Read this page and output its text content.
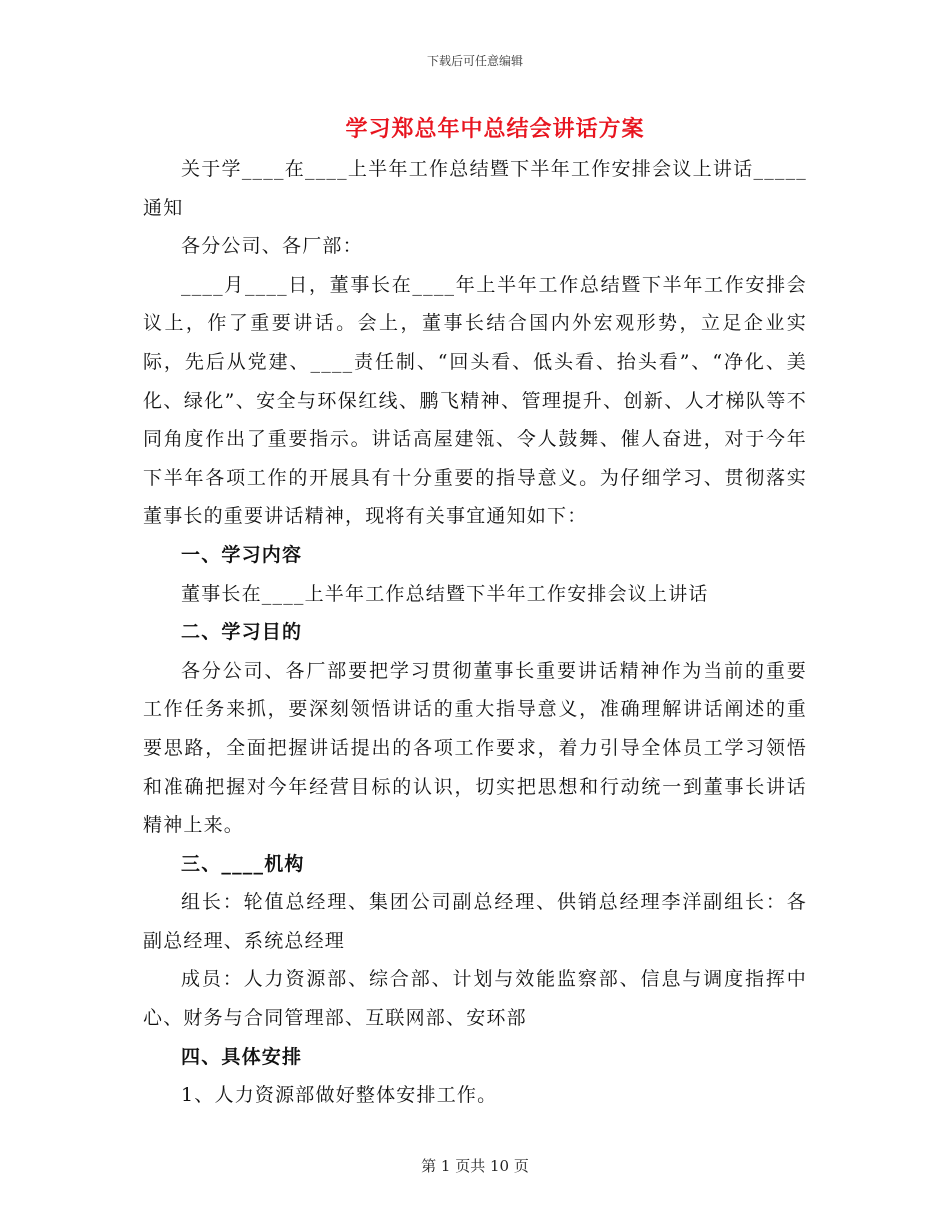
下载后可任意编辑
学习郑总年中总结会讲话方案

关于学____在____上半年工作总结暨下半年工作安排会议上讲话_____通知

各分公司、各厂部：

____月____日，董事长在____年上半年工作总结暨下半年工作安排会议上，作了重要讲话。会上，董事长结合国内外宏观形势，立足企业实际，先后从党建、____责任制、“回头看、低头看、抬头看”、“净化、美化、绿化”、安全与环保红线、鹏飞精神、管理提升、创新、人才梯队等不同角度作出了重要指示。讲话高屋建瓴、令人鼓舞、催人奋进，对于今年下半年各项工作的开展具有十分重要的指导意义。为仔细学习、贯彻落实董事长的重要讲话精神，现将有关事宜通知如下：

一、学习内容

董事长在____上半年工作总结暨下半年工作安排会议上讲话

二、学习目的

各分公司、各厂部要把学习贯彻董事长重要讲话精神作为当前的重要工作任务来抓，要深刻领悟讲话的重大指导意义，准确理解讲话阐述的重要思路，全面把握讲话提出的各项工作要求，着力引导全体员工学习领悟和准确把握对今年经营目标的认识，切实把思想和行动统一到董事长讲话精神上来。

三、____机构

组长：轮值总经理、集团公司副总经理、供销总经理李洋副组长：各副总经理、系统总经理

成员：人力资源部、综合部、计划与效能监察部、信息与调度指挥中心、财务与合同管理部、互联网部、安环部

四、具体安排

1、人力资源部做好整体安排工作。

第 1 页共 10 页
